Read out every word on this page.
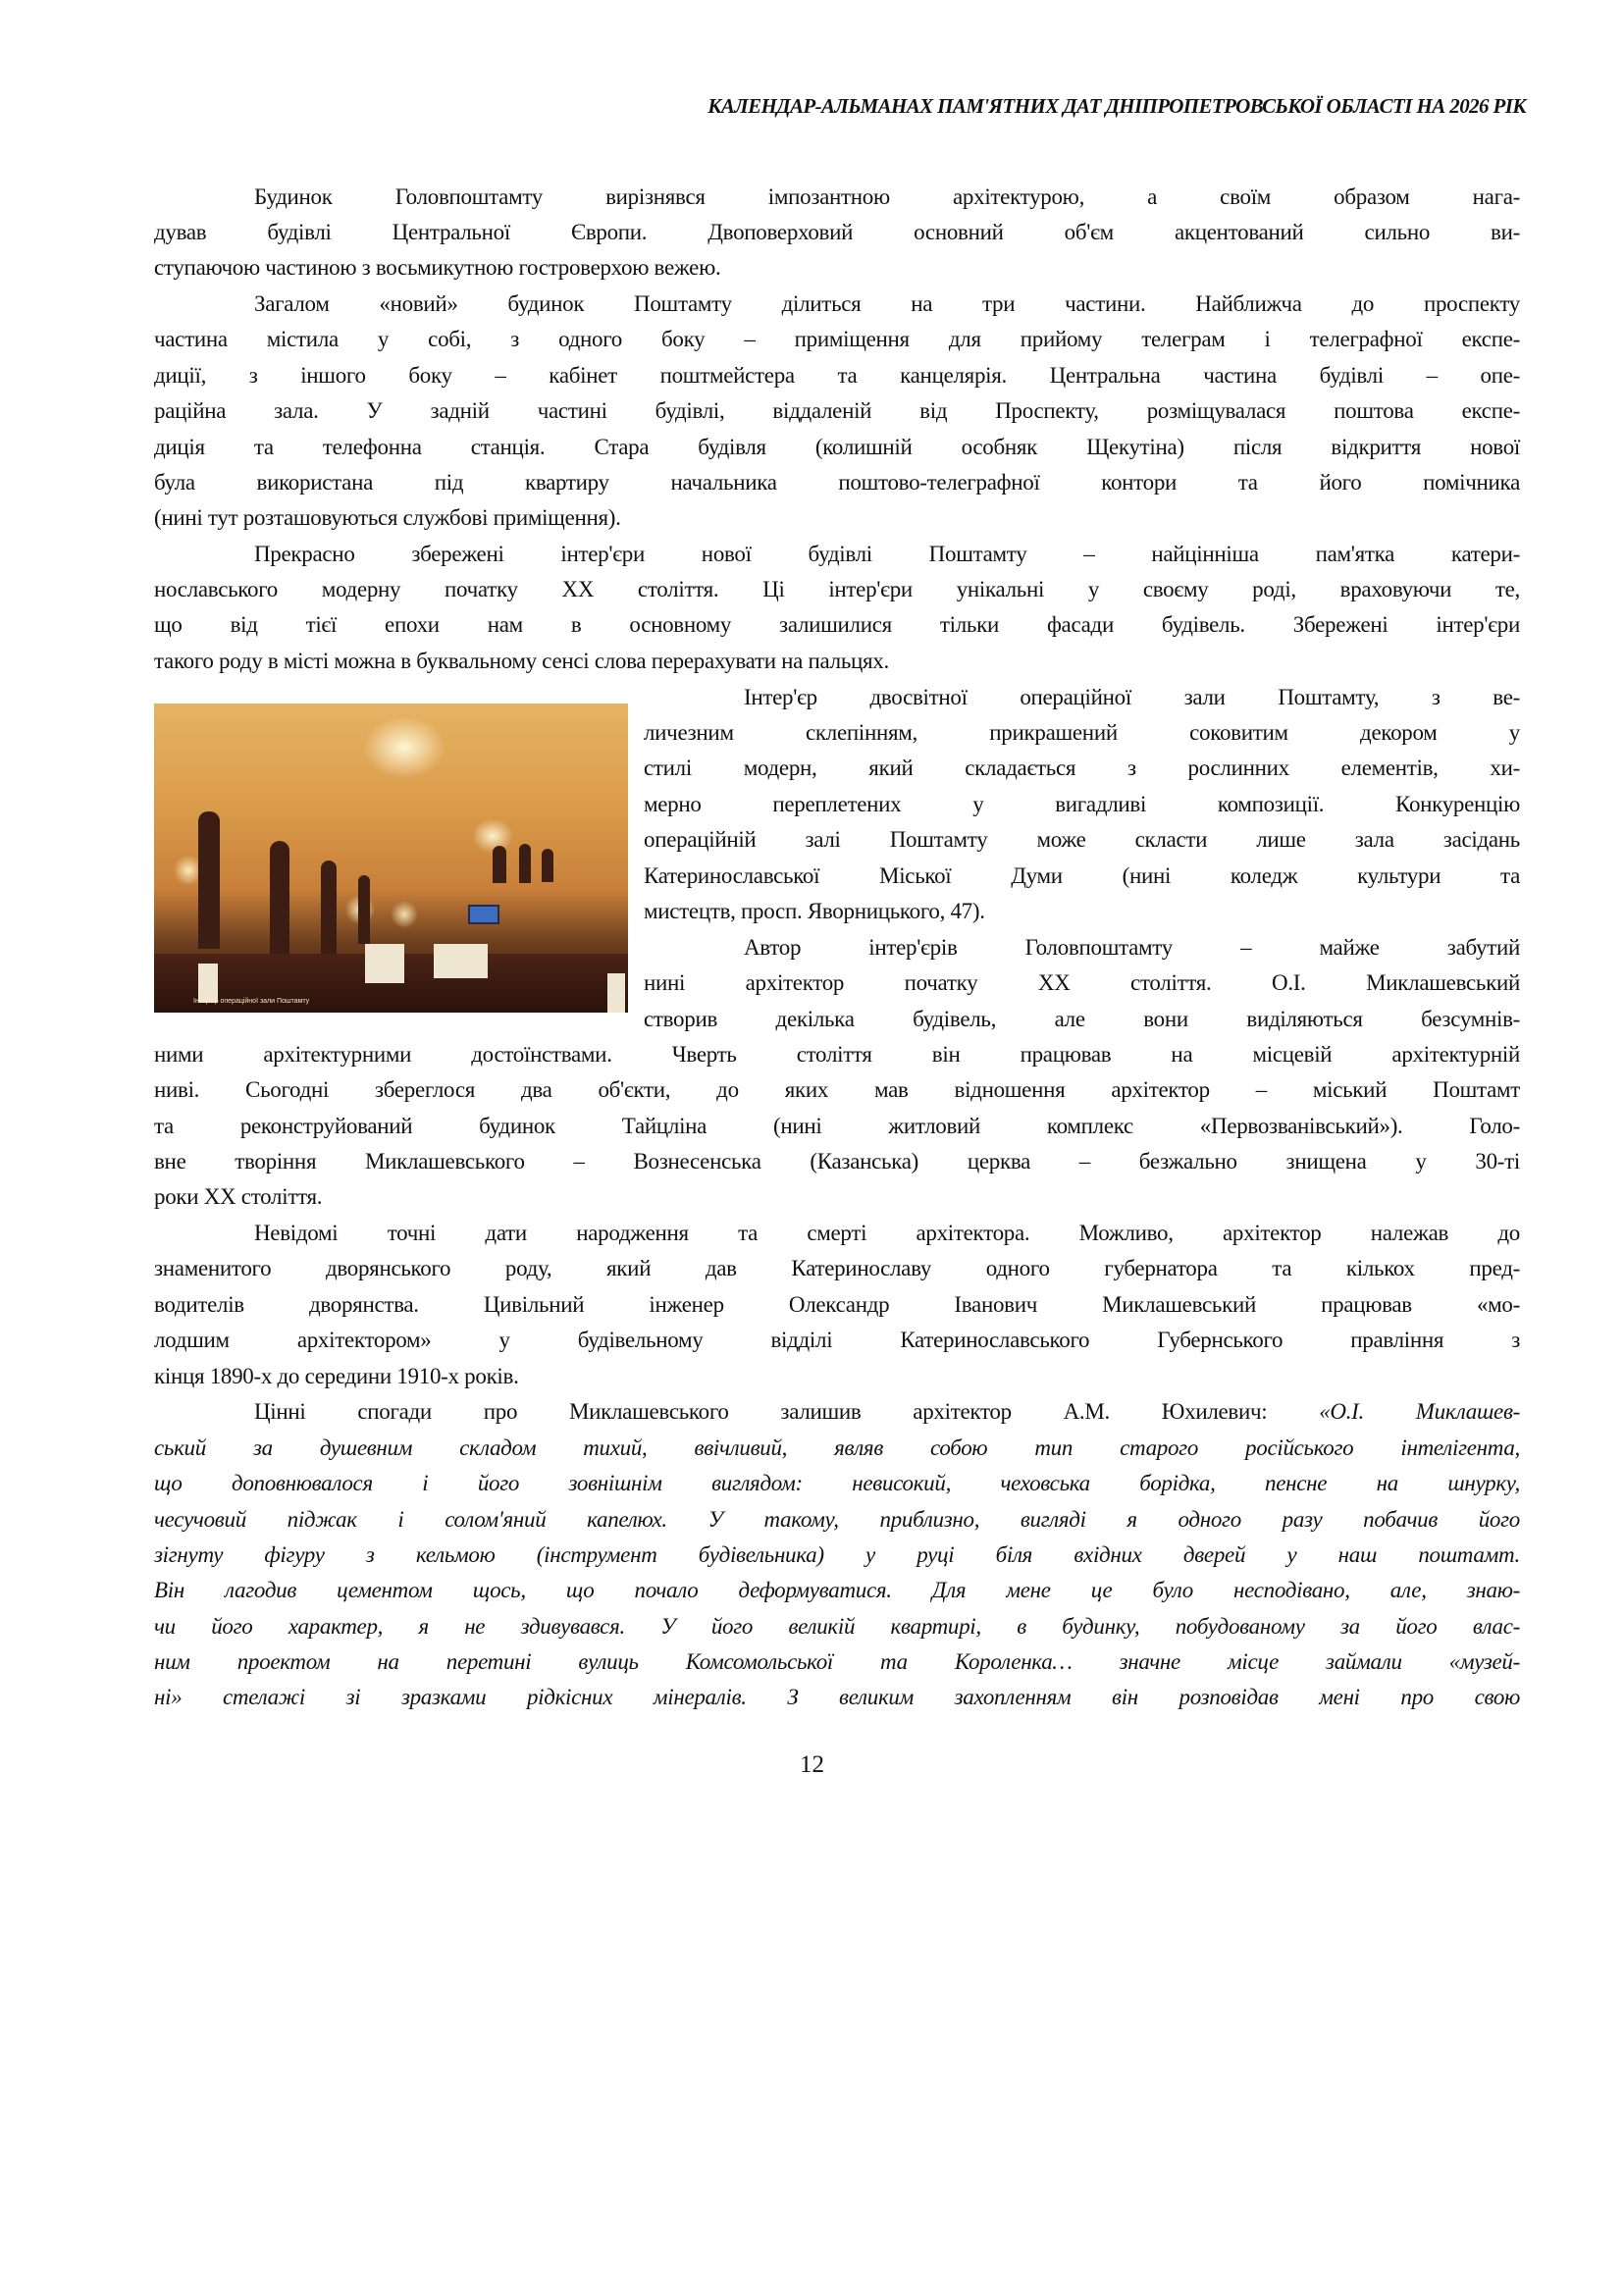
КАЛЕНДАР-АЛЬМАНАХ ПАМ'ЯТНИХ ДАТ ДНІПРОПЕТРОВСЬКОЇ ОБЛАСТІ НА 2026 РІК
Будинок Головпоштамту вирізнявся імпозантною архітектурою, а своїм образом нага-
дував будівлі Центральної Європи. Двоповерховий основний об'єм акцентований сильно ви-
ступаючою частиною з восьмикутною гостроверхою вежею.
Загалом «новий» будинок Поштамту ділиться на три частини. Найближча до проспекту
частина містила у собі, з одного боку – приміщення для прийому телеграм і телеграфної експе-
диції, з іншого боку – кабінет поштмейстера та канцелярія. Центральна частина будівлі – опе-
раційна зала. У задній частині будівлі, віддаленій від Проспекту, розміщувалася поштова експе-
диція та телефонна станція. Стара будівля (колишній особняк Щекутіна) після відкриття нової
була використана під квартиру начальника поштово-телеграфної контори та його помічника
(нині тут розташовуються службові приміщення).
Прекрасно збережені інтер'єри нової будівлі Поштамту – найцінніша пам'ятка катери-
нославського модерну початку ХХ століття. Ці інтер'єри унікальні у своєму роді, враховуючи те,
що від тієї епохи нам в основному залишилися тільки фасади будівель. Збережені інтер'єри
такого роду в місті можна в буквальному сенсі слова перерахувати на пальцях.
Інтер'єр операційної зали Поштамту
Інтер'єр двосвітної операційної зали Поштамту, з ве-
личезним склепінням, прикрашений соковитим декором у
стилі модерн, який складається з рослинних елементів, хи-
мерно переплетених у вигадливі композиції. Конкуренцію
операційній залі Поштамту може скласти лише зала засідань
Катеринославської Міської Думи (нині коледж культури та
мистецтв, просп. Яворницького, 47).
Автор інтер'єрів Головпоштамту – майже забутий
нині архітектор початку ХХ століття. О.І. Миклашевський
створив декілька будівель, але вони виділяються безсумнів-
ними архітектурними достоїнствами. Чверть століття він працював на місцевій архітектурній
ниві. Сьогодні збереглося два об'єкти, до яких мав відношення архітектор – міський Поштамт
та реконструйований будинок Тайцліна (нині житловий комплекс «Первозванівський»). Голо-
вне творіння Миклашевського – Вознесенська (Казанська) церква – безжально знищена у 30-ті
роки ХХ століття.
Невідомі точні дати народження та смерті архітектора. Можливо, архітектор належав до
знаменитого дворянського роду, який дав Катеринославу одного губернатора та кількох пред-
водителів дворянства. Цивільний інженер Олександр Іванович Миклашевський працював «мо-
лодшим архітектором» у будівельному відділі Катеринославського Губернського правління з
кінця 1890-х до середини 1910-х років.
Цінні спогади про Миклашевського залишив архітектор А.М. Юхилевич: «О.І. Миклашев-
ський за душевним складом тихий, ввічливий, являв собою тип старого російського інтелігента,
що доповнювалося і його зовнішнім виглядом: невисокий, чеховська борідка, пенсне на шнурку,
чесучовий піджак і солом'яний капелюх. У такому, приблизно, вигляді я одного разу побачив його
зігнуту фігуру з кельмою (інструмент будівельника) у руці біля вхідних дверей у наш поштамт.
Він лагодив цементом щось, що почало деформуватися. Для мене це було несподівано, але, знаю-
чи його характер, я не здивувався. У його великій квартирі, в будинку, побудованому за його влас-
ним проектом на перетині вулиць Комсомольської та Короленка… значне місце займали «музей-
ні» стелажі зі зразками рідкісних мінералів. З великим захопленням він розповідав мені про свою
12
